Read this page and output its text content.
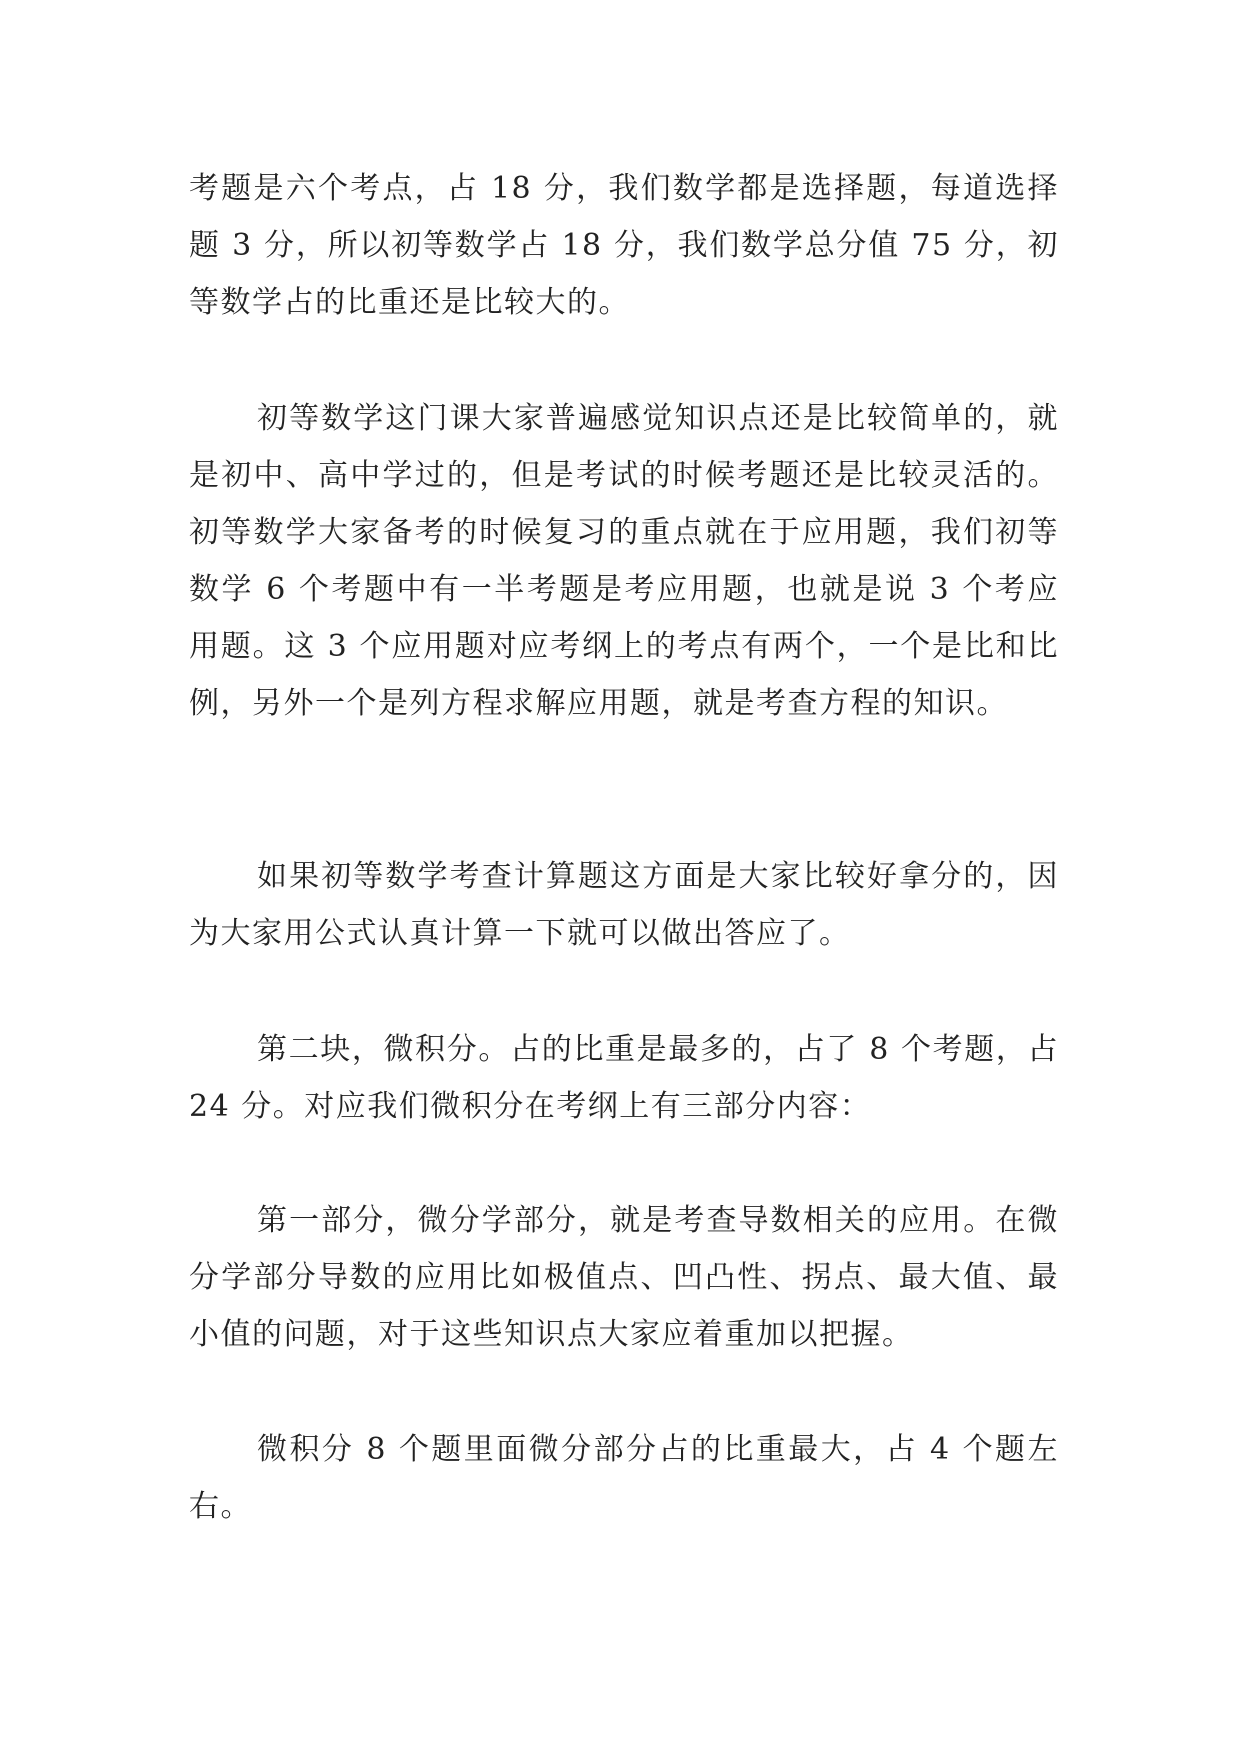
考题是六个考点，占 18 分，我们数学都是选择题，每道选择题 3 分，所以初等数学占 18 分，我们数学总分值 75 分，初等数学占的比重还是比较大的。

初等数学这门课大家普遍感觉知识点还是比较简单的，就是初中、高中学过的，但是考试的时候考题还是比较灵活的。初等数学大家备考的时候复习的重点就在于应用题，我们初等数学 6 个考题中有一半考题是考应用题，也就是说 3 个考应用题。这 3 个应用题对应考纲上的考点有两个，一个是比和比例，另外一个是列方程求解应用题，就是考查方程的知识。

如果初等数学考查计算题这方面是大家比较好拿分的，因为大家用公式认真计算一下就可以做出答应了。

第二块，微积分。占的比重是最多的，占了 8 个考题，占 24 分。对应我们微积分在考纲上有三部分内容：

第一部分，微分学部分，就是考查导数相关的应用。在微分学部分导数的应用比如极值点、凹凸性、拐点、最大值、最小值的问题，对于这些知识点大家应着重加以把握。

微积分 8 个题里面微分部分占的比重最大，占 4 个题左右。
